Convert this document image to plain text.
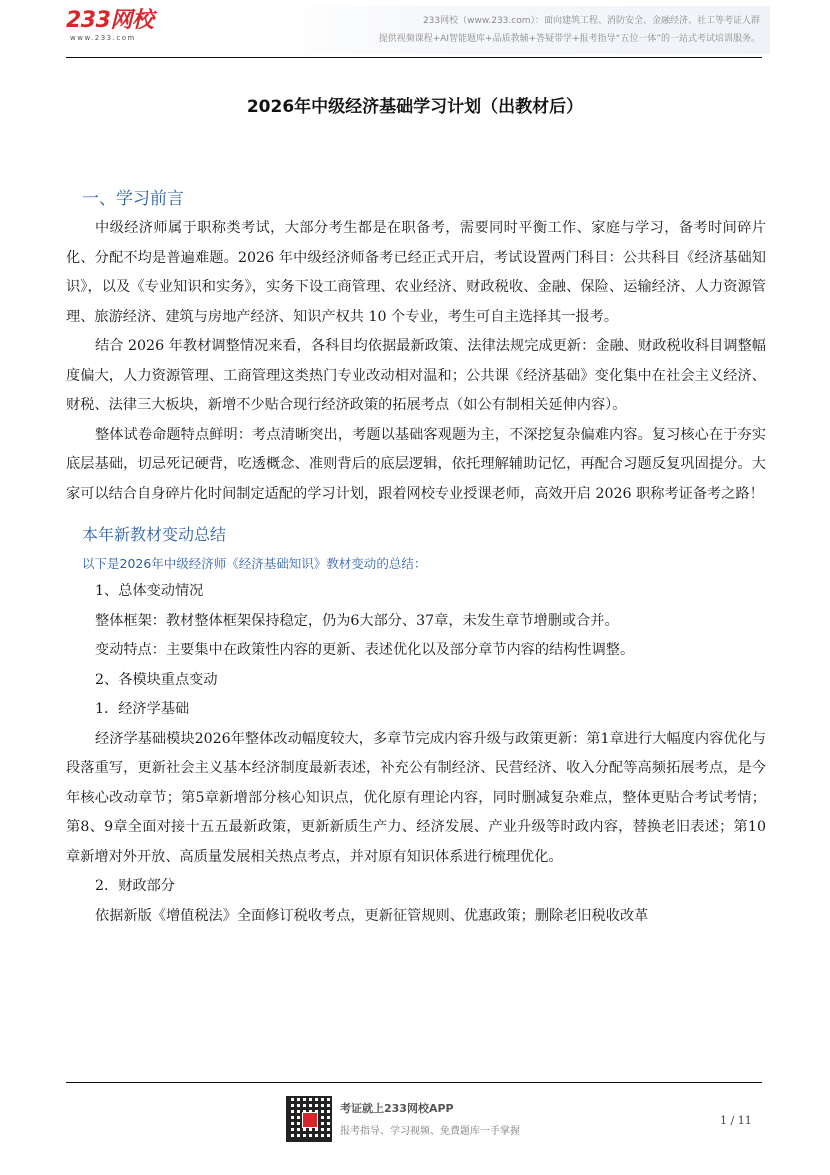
233网校
www.233.com
233网校（www.233.com）：面向建筑工程、消防安全、金融经济、社工等考证人群
提供视频课程+AI智能题库+品质教辅+答疑带学+报考指导“五位一体”的一站式考试培训服务。
2026年中级经济基础学习计划（出教材后）
一、学习前言

中级经济师属于职称类考试，大部分考生都是在职备考，需要同时平衡工作、家庭与学习，备考时间碎片化、分配不均是普遍难题。2026 年中级经济师备考已经正式开启，考试设置两门科目：公共科目《经济基础知识》，以及《专业知识和实务》，实务下设工商管理、农业经济、财政税收、金融、保险、运输经济、人力资源管理、旅游经济、建筑与房地产经济、知识产权共 10 个专业，考生可自主选择其一报考。

结合 2026 年教材调整情况来看，各科目均依据最新政策、法律法规完成更新：金融、财政税收科目调整幅度偏大，人力资源管理、工商管理这类热门专业改动相对温和；公共课《经济基础》变化集中在社会主义经济、财税、法律三大板块，新增不少贴合现行经济政策的拓展考点（如公有制相关延伸内容）。

整体试卷命题特点鲜明：考点清晰突出，考题以基础客观题为主，不深挖复杂偏难内容。复习核心在于夯实底层基础，切忌死记硬背，吃透概念、准则背后的底层逻辑，依托理解辅助记忆，再配合习题反复巩固提分。大家可以结合自身碎片化时间制定适配的学习计划，跟着网校专业授课老师，高效开启 2026 职称考证备考之路！

本年新教材变动总结
以下是2026年中级经济师《经济基础知识》教材变动的总结：

1、总体变动情况

整体框架：教材整体框架保持稳定，仍为6大部分、37章，未发生章节增删或合并。

变动特点：主要集中在政策性内容的更新、表述优化以及部分章节内容的结构性调整。

2、各模块重点变动

1．经济学基础

经济学基础模块2026年整体改动幅度较大，多章节完成内容升级与政策更新：第1章进行大幅度内容优化与段落重写，更新社会主义基本经济制度最新表述，补充公有制经济、民营经济、收入分配等高频拓展考点，是今年核心改动章节；第5章新增部分核心知识点，优化原有理论内容，同时删减复杂难点，整体更贴合考试考情；第8、9章全面对接十五五最新政策，更新新质生产力、经济发展、产业升级等时政内容，替换老旧表述；第10章新增对外开放、高质量发展相关热点考点，并对原有知识体系进行梳理优化。

2．财政部分

依据新版《增值税法》全面修订税收考点，更新征管规则、优惠政策；删除老旧税收改革

考证就上233网校APP
报考指导、学习视频、免费题库一手掌握
1 / 11
